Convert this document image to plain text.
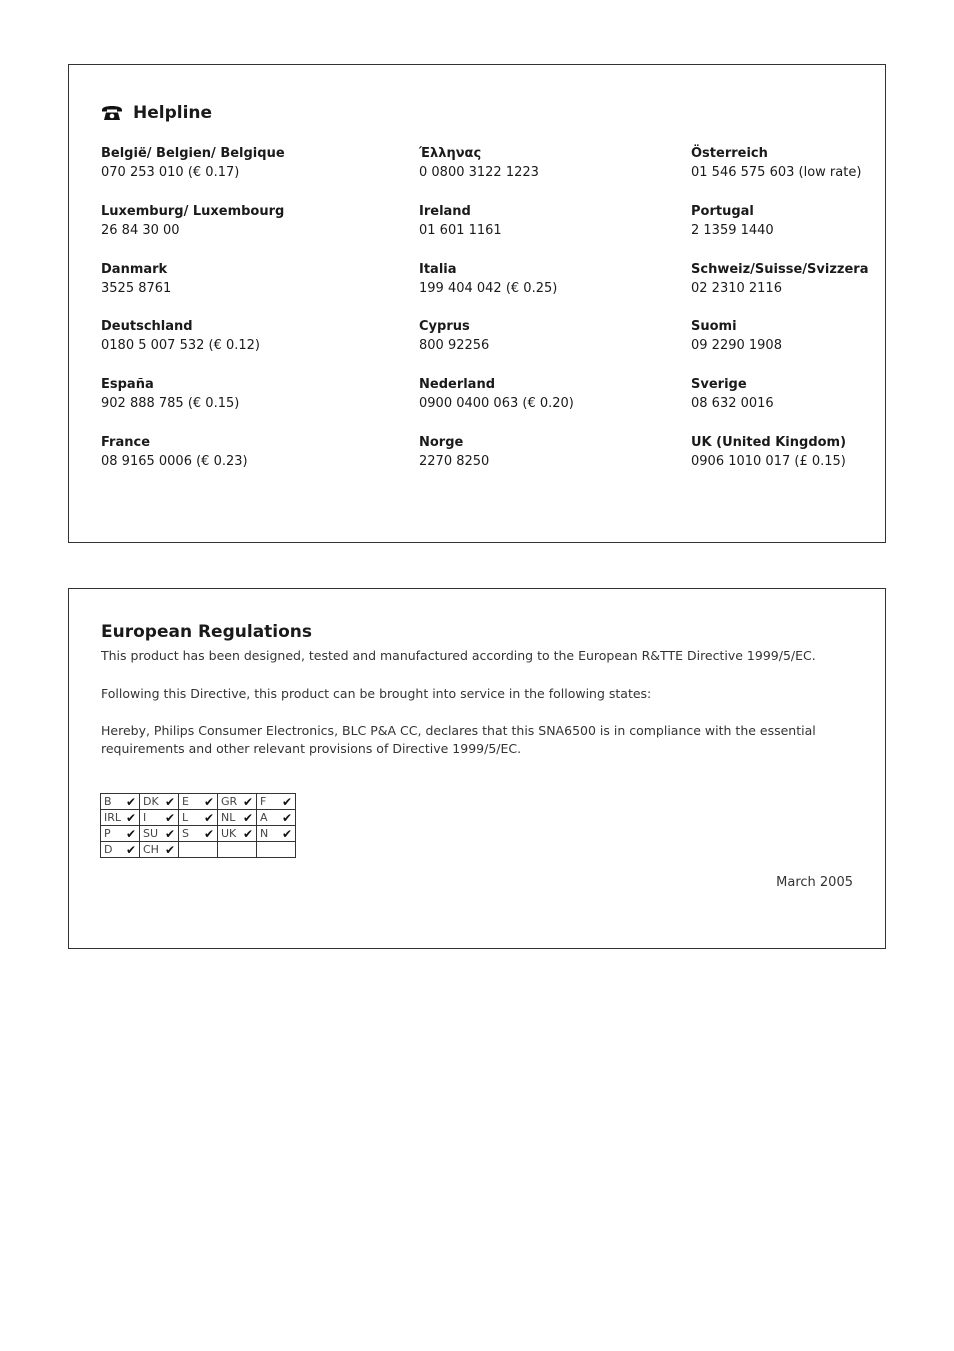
Helpline
België/ Belgien/ Belgique
070 253 010 (€ 0.17)
Luxemburg/ Luxembourg
26 84 30 00
Danmark
3525 8761
Deutschland
0180 5 007 532 (€ 0.12)
España
902 888 785 (€ 0.15)
France
08 9165 0006 (€ 0.23)
Έλληνας
0 0800 3122 1223
Ireland
01 601 1161
Italia
199 404 042 (€ 0.25)
Cyprus
800 92256
Nederland
0900 0400 063 (€ 0.20)
Norge
2270 8250
Österreich
01 546 575 603 (low rate)
Portugal
2 1359 1440
Schweiz/Suisse/Svizzera
02 2310 2116
Suomi
09 2290 1908
Sverige
08 632 0016
UK (United Kingdom)
0906 1010 017 (£ 0.15)
European Regulations
This product has been designed, tested and manufactured according to the European R&TTE Directive 1999/5/EC.
Following this Directive, this product can be brought into service in the following states:
Hereby, Philips Consumer Electronics, BLC P&A CC, declares that this SNA6500 is in compliance with the essential requirements and other relevant provisions of Directive 1999/5/EC.
B ✔	DK ✔	E ✔	GR ✔	F ✔

IRL ✔	I ✔	L ✔	NL ✔	A ✔

P ✔	SU ✔	S ✔	UK ✔	N ✔

D ✔	CH ✔			

March 2005
